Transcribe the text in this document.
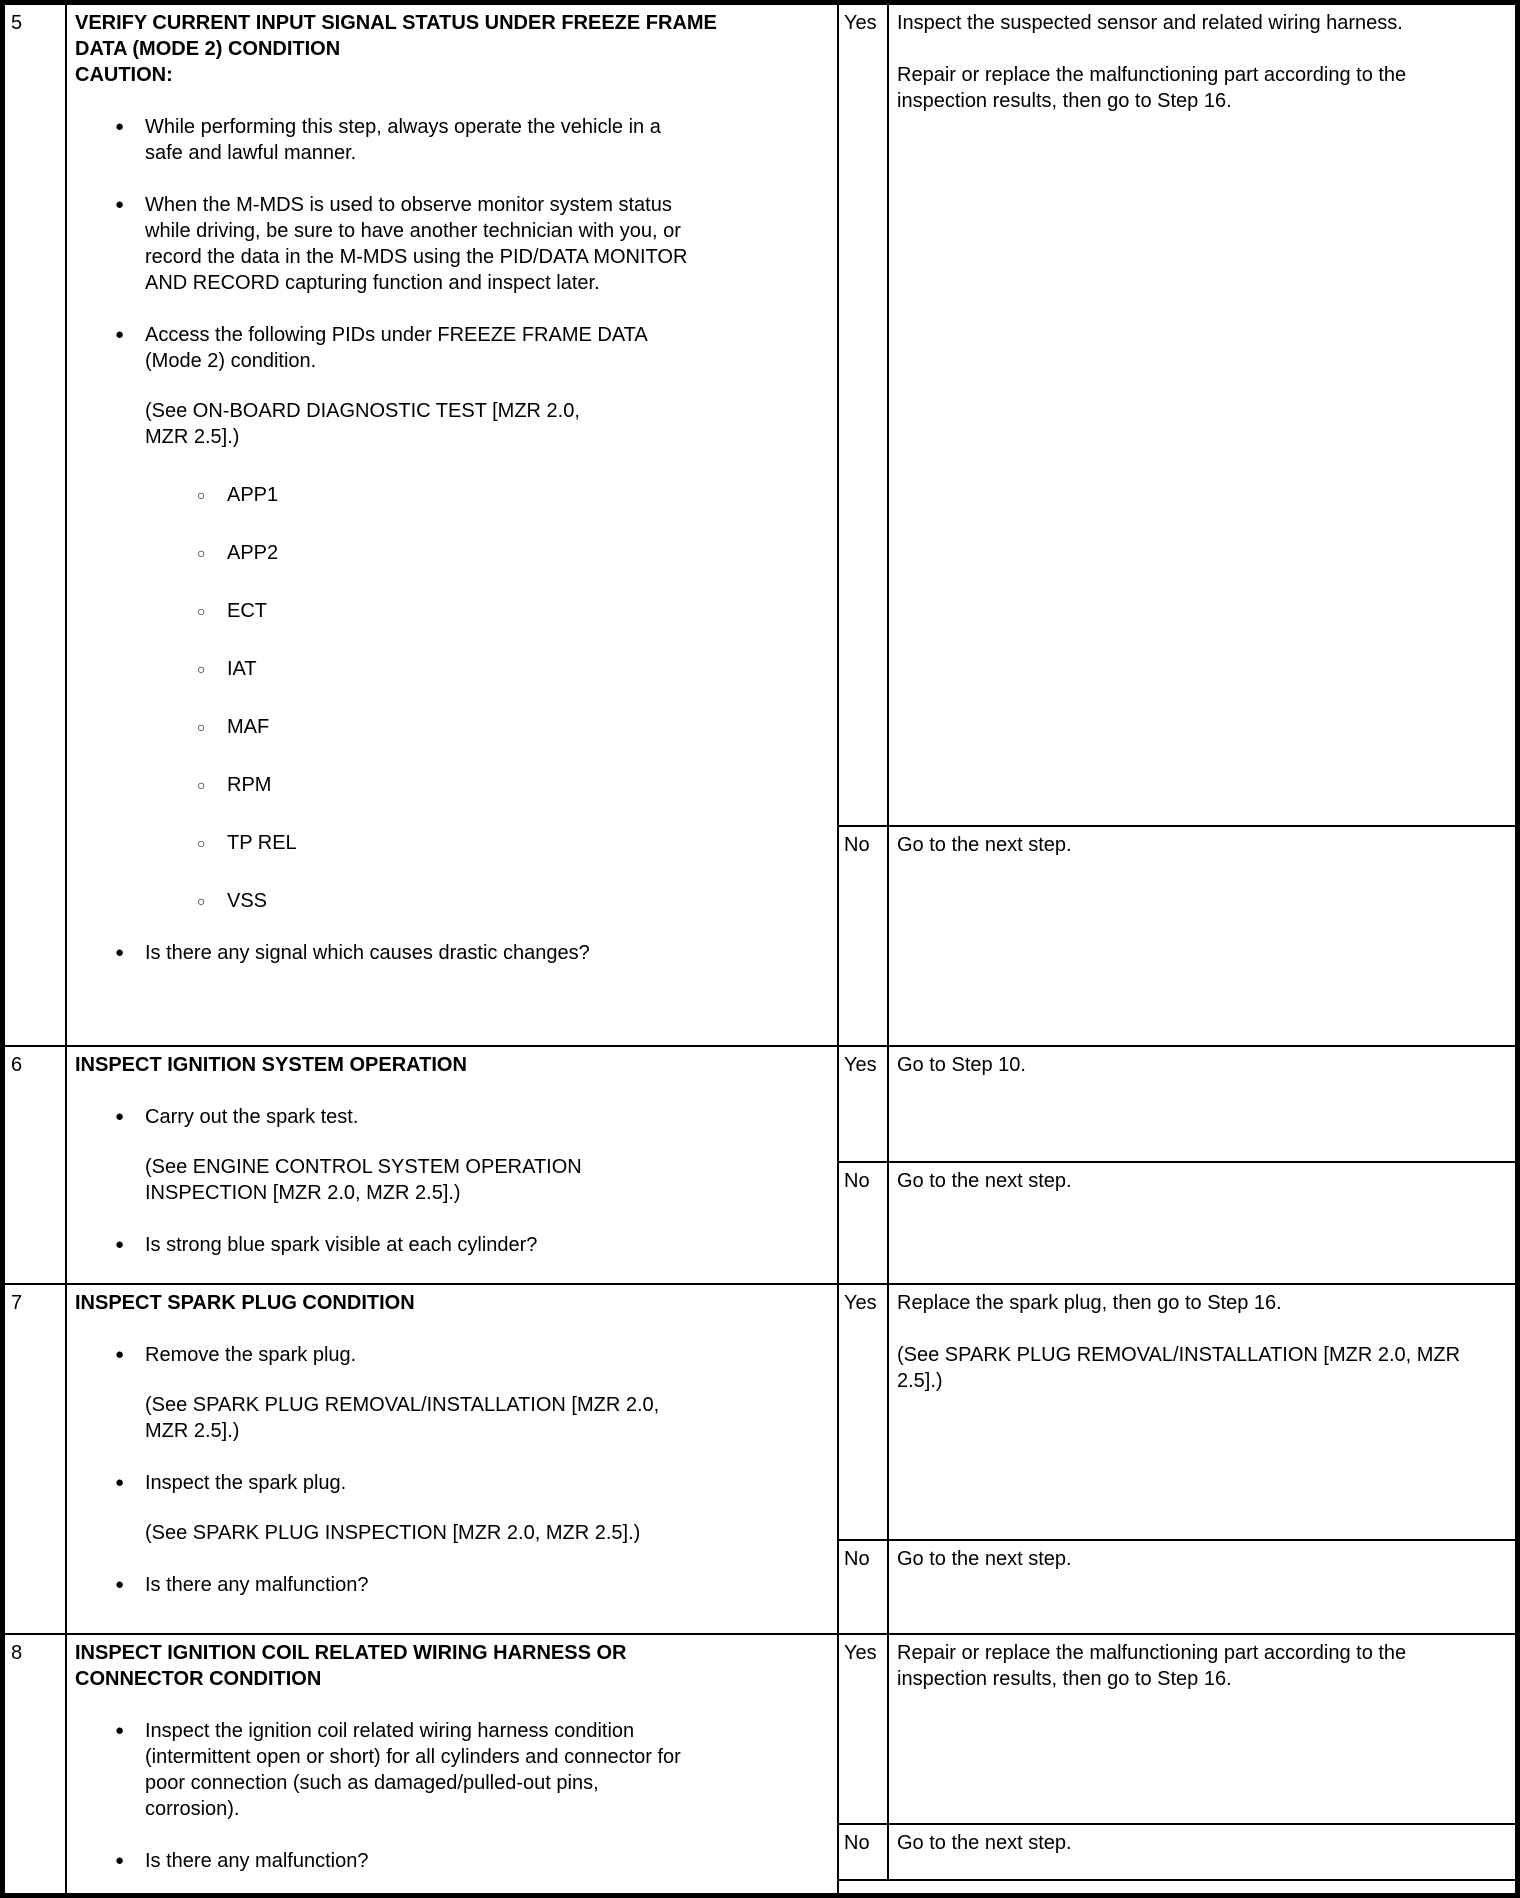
5	VERIFY CURRENT INPUT SIGNAL STATUS UNDER FREEZE FRAME DATA (MODE 2) CONDITION
CAUTION:
●	While performing this step, always operate the vehicle in a safe and lawful manner.
●	When the M-MDS is used to observe monitor system status while driving, be sure to have another technician with you, or record the data in the M-MDS using the PID/DATA MONITOR AND RECORD capturing function and inspect later.
●	Access the following PIDs under FREEZE FRAME DATA (Mode 2) condition.
(See ON-BOARD DIAGNOSTIC TEST [MZR 2.0, MZR 2.5].)
○	APP1
○	APP2
○	ECT
○	IAT
○	MAF
○	RPM
○	TP REL
○	VSS
●	Is there any signal which causes drastic changes?
Yes	Inspect the suspected sensor and related wiring harness.

Repair or replace the malfunctioning part according to the inspection results, then go to Step 16.

No	Go to the next step.

6	INSPECT IGNITION SYSTEM OPERATION
●	Carry out the spark test.
(See ENGINE CONTROL SYSTEM OPERATION INSPECTION [MZR 2.0, MZR 2.5].)
●	Is strong blue spark visible at each cylinder?
Yes	Go to Step 10.

No	Go to the next step.

7	INSPECT SPARK PLUG CONDITION
●	Remove the spark plug.
(See SPARK PLUG REMOVAL/INSTALLATION [MZR 2.0, MZR 2.5].)
●	Inspect the spark plug.
(See SPARK PLUG INSPECTION [MZR 2.0, MZR 2.5].)
●	Is there any malfunction?
Yes	Replace the spark plug, then go to Step 16.

(See SPARK PLUG REMOVAL/INSTALLATION [MZR 2.0, MZR 2.5].)

No	Go to the next step.

8	INSPECT IGNITION COIL RELATED WIRING HARNESS OR CONNECTOR CONDITION
●	Inspect the ignition coil related wiring harness condition (intermittent open or short) for all cylinders and connector for poor connection (such as damaged/pulled-out pins, corrosion).
●	Is there any malfunction?
Yes	Repair or replace the malfunctioning part according to the inspection results, then go to Step 16.

No	Go to the next step.
